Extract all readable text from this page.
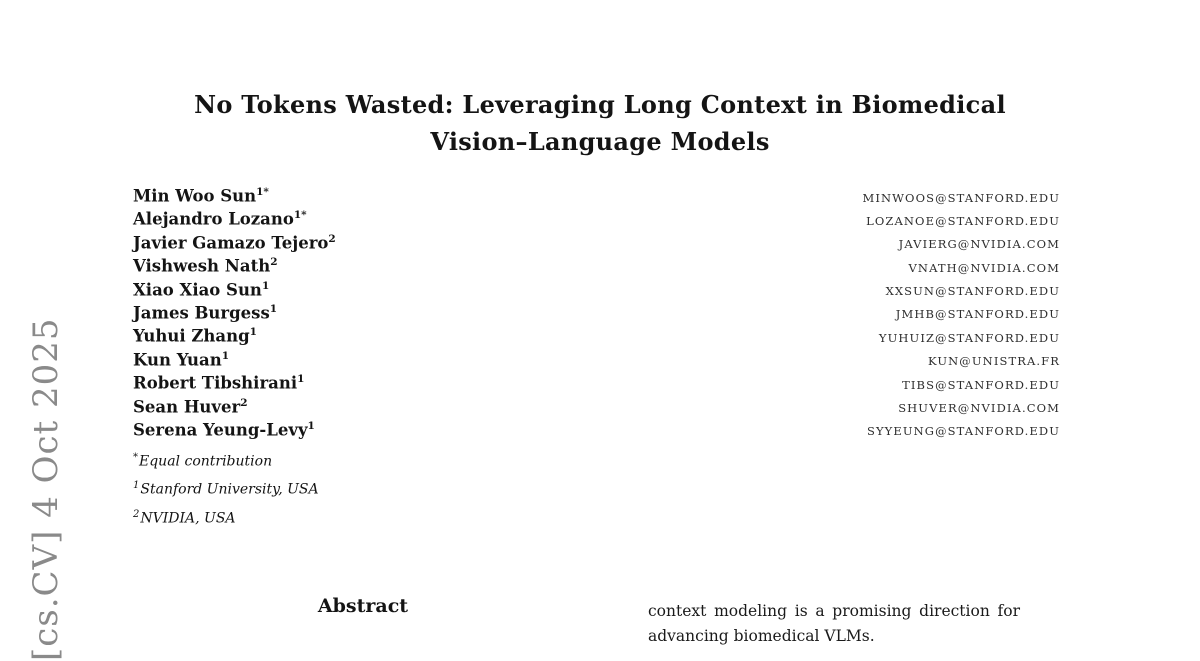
[cs.CV] 4 Oct 2025
No Tokens Wasted: Leveraging Long Context in Biomedical
Vision–Language Models
Min Woo Sun$^{1*}$	MINWOOS@STANFORD.EDU
Alejandro Lozano$^{1*}$	LOZANOE@STANFORD.EDU
Javier Gamazo Tejero$^2$	JAVIERG@NVIDIA.COM
Vishwesh Nath$^2$	VNATH@NVIDIA.COM
Xiao Xiao Sun$^1$	XXSUN@STANFORD.EDU
James Burgess$^1$	JMHB@STANFORD.EDU
Yuhui Zhang$^1$	YUHUIZ@STANFORD.EDU
Kun Yuan$^1$	KUN@UNISTRA.FR
Robert Tibshirani$^1$	TIBS@STANFORD.EDU
Sean Huver$^2$	SHUVER@NVIDIA.COM
Serena Yeung-Levy$^1$	SYYEUNG@STANFORD.EDU
*Equal contribution
$^1$Stanford University, USA
$^2$NVIDIA, USA
Abstract	context modeling is a promising direction for
advancing biomedical VLMs.
